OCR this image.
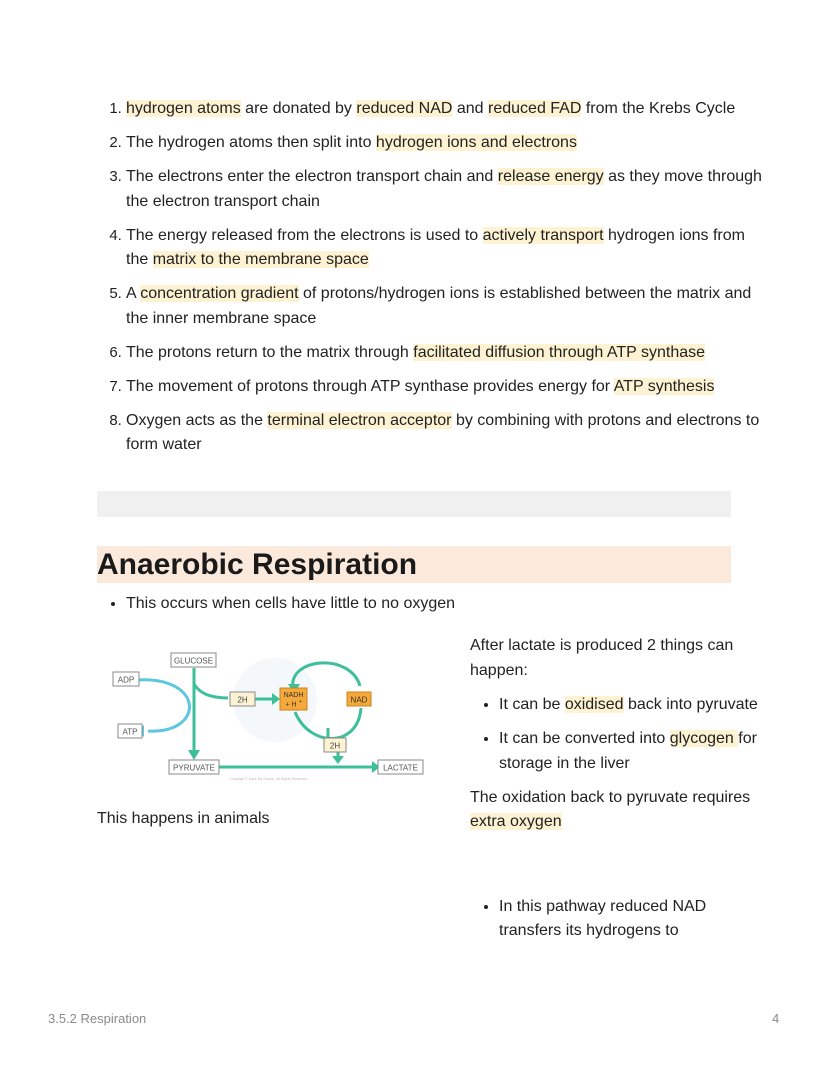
1. hydrogen atoms are donated by reduced NAD and reduced FAD from the Krebs Cycle
2. The hydrogen atoms then split into hydrogen ions and electrons
3. The electrons enter the electron transport chain and release energy as they move through the electron transport chain
4. The energy released from the electrons is used to actively transport hydrogen ions from the matrix to the membrane space
5. A concentration gradient of protons/hydrogen ions is established between the matrix and the inner membrane space
6. The protons return to the matrix through facilitated diffusion through ATP synthase
7. The movement of protons through ATP synthase provides energy for ATP synthesis
8. Oxygen acts as the terminal electron acceptor by combining with protons and electrons to form water
Anaerobic Respiration
• This occurs when cells have little to no oxygen
GLUCOSE
ADP
ATP
2H	NADH
+ H +	NAD
2H
PYRUVATE	LACTATE
Copyright © Save My Exams. All Rights Reserved

This happens in animals

After lactate is produced 2 things can happen:

• It can be oxidised back into pyruvate
• It can be converted into glycogen for storage in the liver

The oxidation back to pyruvate requires extra oxygen

• In this pathway reduced NAD transfers its hydrogens to
3.5.2 Respiration	4
